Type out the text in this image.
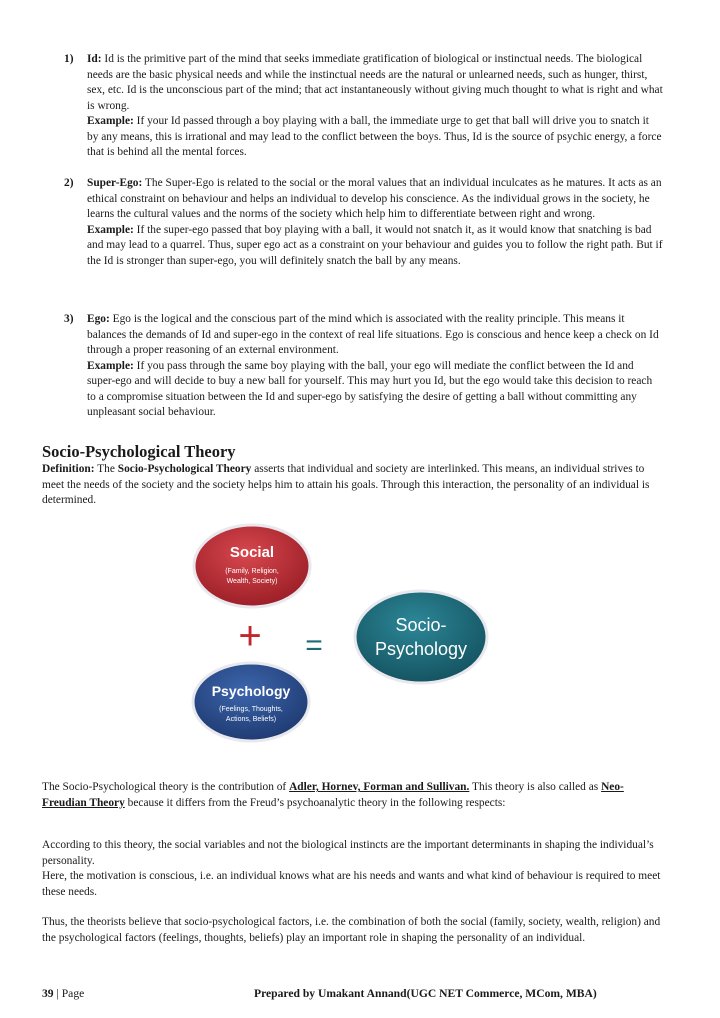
1) Id: Id is the primitive part of the mind that seeks immediate gratification of biological or instinctual needs. The biological needs are the basic physical needs and while the instinctual needs are the natural or unlearned needs, such as hunger, thirst, sex, etc. Id is the unconscious part of the mind; that act instantaneously without giving much thought to what is right and what is wrong.

Example: If your Id passed through a boy playing with a ball, the immediate urge to get that ball will drive you to snatch it by any means, this is irrational and may lead to the conflict between the boys. Thus, Id is the source of psychic energy, a force that is behind all the mental forces.

2) Super-Ego: The Super-Ego is related to the social or the moral values that an individual inculcates as he matures. It acts as an ethical constraint on behaviour and helps an individual to develop his conscience. As the individual grows in the society, he learns the cultural values and the norms of the society which help him to differentiate between right and wrong.

Example: If the super-ego passed that boy playing with a ball, it would not snatch it, as it would know that snatching is bad and may lead to a quarrel. Thus, super ego act as a constraint on your behaviour and guides you to follow the right path. But if the Id is stronger than super-ego, you will definitely snatch the ball by any means.

3) Ego: Ego is the logical and the conscious part of the mind which is associated with the reality principle. This means it balances the demands of Id and super-ego in the context of real life situations. Ego is conscious and hence keep a check on Id through a proper reasoning of an external environment.

Example: If you pass through the same boy playing with the ball, your ego will mediate the conflict between the Id and super-ego and will decide to buy a new ball for yourself. This may hurt you Id, but the ego would take this decision to reach to a compromise situation between the Id and super-ego by satisfying the desire of getting a ball without committing any unpleasant social behaviour.

Socio-Psychological Theory

Definition: The Socio-Psychological Theory asserts that individual and society are interlinked. This means, an individual strives to meet the needs of the society and the society helps him to attain his goals. Through this interaction, the personality of an individual is determined.

Social
(Family, Religion,
Wealth, Society)
+ =
Psychology
(Feelings, Thoughts,
Actions, Beliefs)
Socio-
Psychology

The Socio-Psychological theory is the contribution of Adler, Hornev, Forman and Sullivan. This theory is also called as Neo-Freudian Theory because it differs from the Freud’s psychoanalytic theory in the following respects:

According to this theory, the social variables and not the biological instincts are the important determinants in shaping the individual’s personality.

Here, the motivation is conscious, i.e. an individual knows what are his needs and wants and what kind of behaviour is required to meet these needs.

Thus, the theorists believe that socio-psychological factors, i.e. the combination of both the social (family, society, wealth, religion) and the psychological factors (feelings, thoughts, beliefs) play an important role in shaping the personality of an individual.

39 | Page	Prepared by Umakant Annand(UGC NET Commerce, MCom, MBA)
